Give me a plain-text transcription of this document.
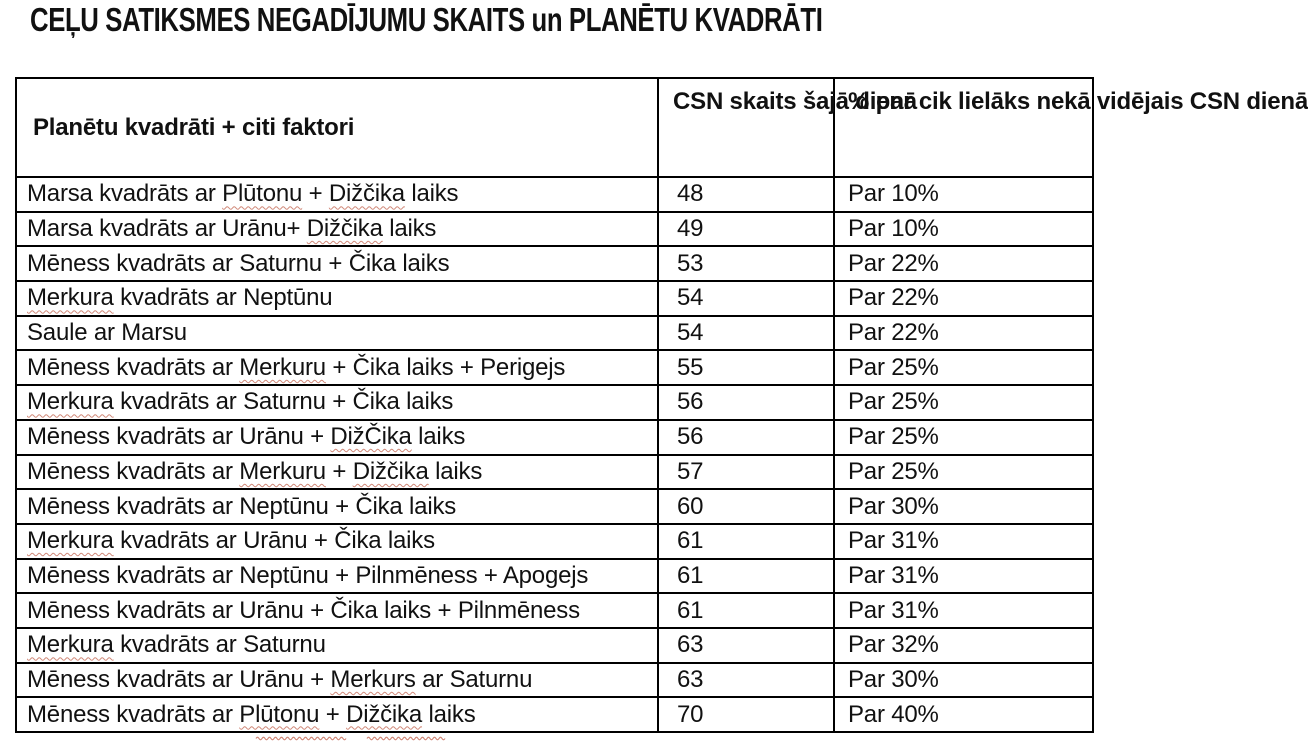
CEĻU SATIKSMES NEGADĪJUMU SKAITS un PLANĒTU KVADRĀTI
Planētu kvadrāti + citi faktori	CSN skaits šajā dienā	% par cik lielāks nekā vidējais CSN dienā
Marsa kvadrāts ar Plūtonu + Dižčika laiks	48	Par 10%
Marsa kvadrāts ar Urānu+ Dižčika laiks	49	Par 10%
Mēness kvadrāts ar Saturnu + Čika laiks	53	Par 22%
Merkura kvadrāts ar Neptūnu	54	Par 22%
Saule ar Marsu	54	Par 22%
Mēness kvadrāts ar Merkuru + Čika laiks + Perigejs	55	Par 25%
Merkura kvadrāts ar Saturnu + Čika laiks	56	Par 25%
Mēness kvadrāts ar Urānu + DižČika laiks	56	Par 25%
Mēness kvadrāts ar Merkuru + Dižčika laiks	57	Par 25%
Mēness kvadrāts ar Neptūnu + Čika laiks	60	Par 30%
Merkura kvadrāts ar Urānu + Čika laiks	61	Par 31%
Mēness kvadrāts ar Neptūnu + Pilnmēness + Apogejs	61	Par 31%
Mēness kvadrāts ar Urānu + Čika laiks + Pilnmēness	61	Par 31%
Merkura kvadrāts ar Saturnu	63	Par 32%
Mēness kvadrāts ar Urānu + Merkurs ar Saturnu	63	Par 30%
Mēness kvadrāts ar Plūtonu + Dižčika laiks	70	Par 40%
